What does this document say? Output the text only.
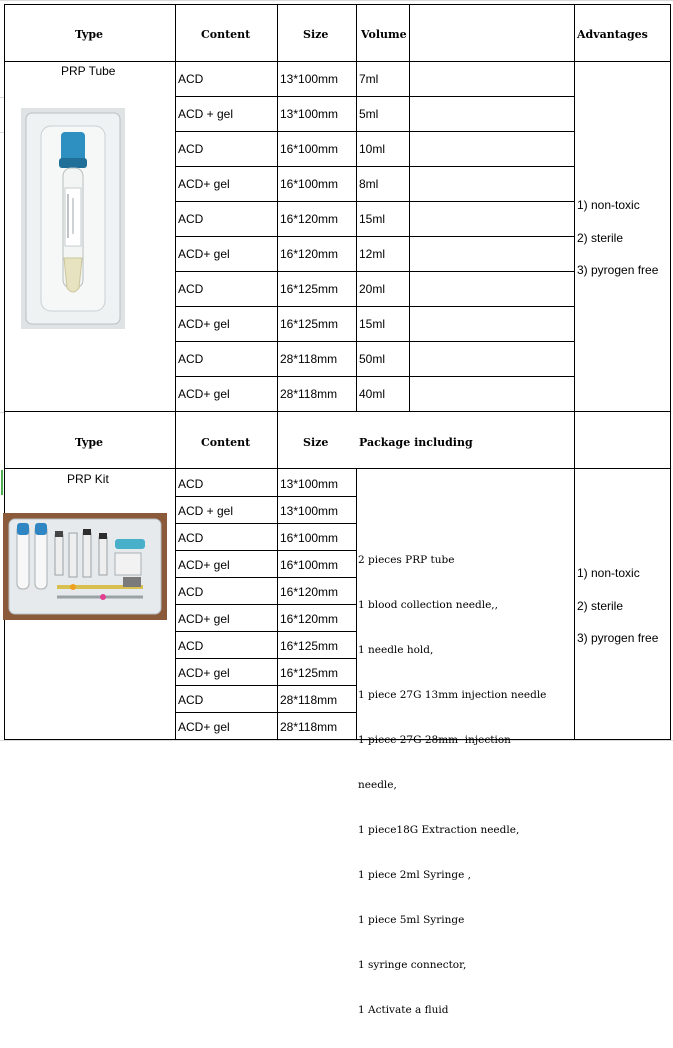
Type	Content	Size	Volume	Advantages
PRP Tube
ACD	13*100mm 7ml
ACD + gel	13*100mm 5ml
ACD	16*100mm 10ml
ACD+ gel	16*100mm 8ml
ACD	16*120mm 15ml
ACD+ gel	16*120mm 12ml
ACD	16*125mm 20ml
ACD+ gel	16*125mm 15ml
ACD	28*118mm 50ml
ACD+ gel	28*118mm 40ml
1) non-toxic
2) sterile
3) pyrogen free
Type	Content	Size	Package including
PRP Kit	ACD	13*100mm
ACD + gel	13*100mm
ACD	16*100mm
ACD+ gel	16*100mm
ACD	16*120mm
ACD+ gel	16*120mm
ACD	16*125mm
ACD+ gel	16*125mm
ACD	28*118mm
ACD+ gel	28*118mm

2 pieces PRP tube

1 blood collection needle,,

1 needle hold,

1 piece 27G 13mm injection needle

1 piece 27G 28mm  injection

needle,

1 piece18G Extraction needle,

1 piece 2ml Syringe ,

1 piece 5ml Syringe

1 syringe connector,

1 Activate a fluid

1) non-toxic
2) sterile
3) pyrogen free
